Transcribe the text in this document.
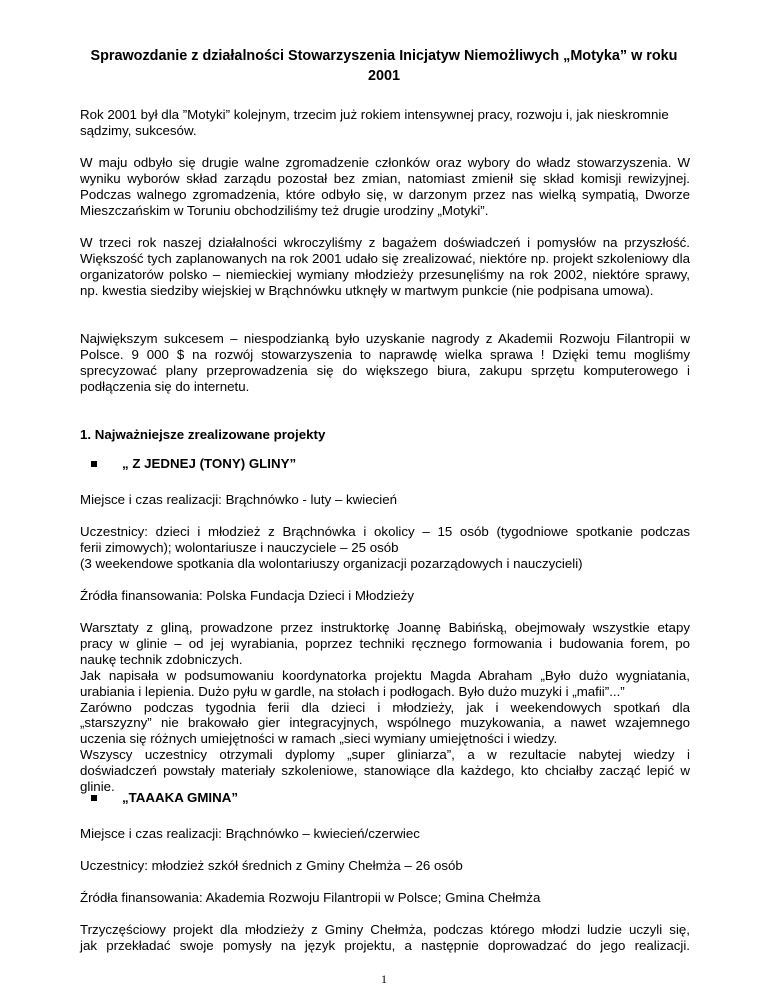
Sprawozdanie z działalności Stowarzyszenia Inicjatyw Niemożliwych „Motyka” w roku 2001

Rok 2001 był dla ”Motyki” kolejnym, trzecim już rokiem intensywnej pracy, rozwoju i, jak nieskromnie sądzimy, sukcesów.

W maju odbyło się drugie walne zgromadzenie członków oraz wybory do władz stowarzyszenia. W wyniku wyborów skład zarządu pozostał bez zmian, natomiast zmienił się skład komisji rewizyjnej. Podczas walnego zgromadzenia, które odbyło się, w darzonym przez nas wielką sympatią, Dworze Mieszczańskim w Toruniu obchodziliśmy też drugie urodziny „Motyki”.

W trzeci rok naszej działalności wkroczyliśmy z bagażem doświadczeń i pomysłów na przyszłość. Większość tych zaplanowanych na rok 2001 udało się zrealizować, niektóre np. projekt szkoleniowy dla organizatorów polsko – niemieckiej wymiany młodzieży przesunęliśmy na rok 2002, niektóre sprawy, np. kwestia siedziby wiejskiej w Brąchnówku utknęły w martwym punkcie (nie podpisana umowa).

Największym sukcesem – niespodzianką było uzyskanie nagrody z Akademii Rozwoju Filantropii w Polsce. 9 000 $ na rozwój stowarzyszenia to naprawdę wielka sprawa ! Dzięki temu mogliśmy sprecyzować plany przeprowadzenia się do większego biura, zakupu sprzętu komputerowego i podłączenia się do internetu.

1. Najważniejsze zrealizowane projekty

„ Z JEDNEJ (TONY) GLINY”

Miejsce i czas realizacji: Brąchnówko - luty – kwiecień

Uczestnicy: dzieci i młodzież z Brąchnówka i okolicy – 15 osób (tygodniowe spotkanie podczas
ferii zimowych); wolontariusze i nauczyciele – 25 osób
(3 weekendowe spotkania dla wolontariuszy organizacji pozarządowych i nauczycieli)

Źródła finansowania: Polska Fundacja Dzieci i Młodzieży

Warsztaty z gliną, prowadzone przez instruktorkę Joannę Babińską, obejmowały wszystkie etapy
pracy w glinie – od jej wyrabiania, poprzez techniki ręcznego formowania i budowania forem, po
naukę technik zdobniczych.
Jak napisała w podsumowaniu koordynatorka projektu Magda Abraham „Było dużo wygniatania,
urabiania i lepienia. Dużo pyłu w gardle, na stołach i podłogach. Było dużo muzyki i „mafii”...”
Zarówno podczas tygodnia ferii dla dzieci i młodzieży, jak i weekendowych spotkań dla
„starszyzny” nie brakowało gier integracyjnych, wspólnego muzykowania, a nawet wzajemnego
uczenia się różnych umiejętności w ramach „sieci wymiany umiejętności i wiedzy.
Wszyscy uczestnicy otrzymali dyplomy „super gliniarza”, a w rezultacie nabytej wiedzy i
doświadczeń powstały materiały szkoleniowe, stanowiące dla każdego, kto chciałby zacząć lepić w
glinie.

„TAAAKA GMINA”

Miejsce i czas realizacji: Brąchnówko – kwiecień/czerwiec

Uczestnicy: młodzież szkół średnich z Gminy Chełmża – 26 osób

Źródła finansowania: Akademia Rozwoju Filantropii w Polsce; Gmina Chełmża

Trzyczęściowy projekt dla młodzieży z Gminy Chełmża, podczas którego młodzi ludzie uczyli się,
jak przekładać swoje pomysły na język projektu, a następnie doprowadzać do jego realizacji.

1
